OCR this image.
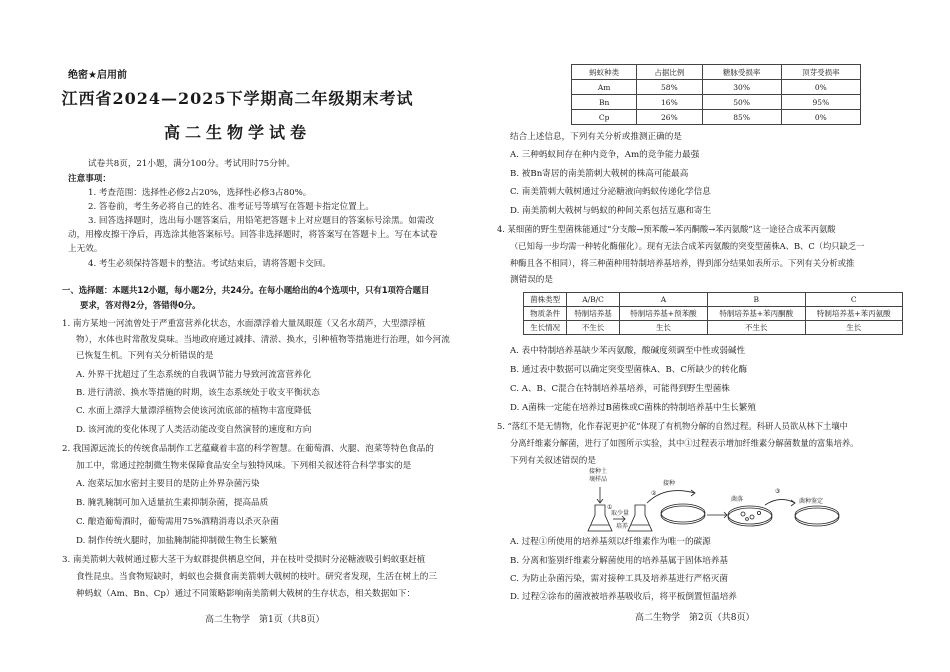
绝密★启用前
江西省2024—2025下学期高二年级期末考试
高二生物学试卷
试卷共8页，21小题，满分100分。考试用时75分钟。
注意事项：
1. 考查范围：选择性必修2占20%，选择性必修3占80%。
2. 答卷前，考生务必将自己的姓名、准考证号等填写在答题卡指定位置上。
3. 回答选择题时，选出每小题答案后，用铅笔把答题卡上对应题目的答案标号涂黑。如需改
动，用橡皮擦干净后，再选涂其他答案标号。回答非选择题时，将答案写在答题卡上。写在本试卷
上无效。
4. 考生必须保持答题卡的整洁。考试结束后，请将答题卡交回。
一、选择题：本题共12小题，每小题2分，共24分。在每小题给出的4个选项中，只有1项符合题目
要求，答对得2分，答错得0分。
1. 南方某地一河流曾处于严重富营养化状态，水面漂浮着大量凤眼莲（又名水葫芦，大型漂浮植
物），水体也时常散发臭味。当地政府通过减排、清淤、换水，引种植物等措施进行治理，如今河流
已恢复生机。下列有关分析错误的是
A. 外界干扰超过了生态系统的自我调节能力导致河流富营养化
B. 进行清淤、换水等措施的时期，该生态系统处于收支平衡状态
C. 水面上漂浮大量漂浮植物会使该河流底部的植物丰富度降低
D. 该河流的变化体现了人类活动能改变自然演替的速度和方向
2. 我国源远流长的传统食品制作工艺蕴藏着丰富的科学智慧。在葡萄酒、火腿、泡菜等特色食品的
加工中，常通过控制微生物来保障食品安全与独特风味。下列相关叙述符合科学事实的是
A. 泡菜坛加水密封主要目的是防止外界杂菌污染
B. 腌乳腌制可加入适量抗生素抑制杂菌，提高品质
C. 酿造葡萄酒时，葡萄需用75%酒精消毒以杀灭杂菌
D. 制作传统火腿时，加盐腌制能抑制微生物生长繁殖
3. 南美箭刺大戟树通过膨大茎干为蚁群提供栖息空间，并在枝叶受损时分泌糖液吸引蚂蚁驱赶植
食性昆虫。当食物短缺时，蚂蚁也会摄食南美箭刺大戟树的枝叶。研究者发现，生活在树上的三
种蚂蚁（Am、Bn、Cp）通过不同策略影响南美箭刺大戟树的生存状态，相关数据如下：
高二生物学　第1页（共8页）
蚂蚁种类	占据比例	糖脉受损率	顶芽受损率
Am	58%	30%	0%
Bn	16%	50%	95%
Cp	26%	85%	0%
结合上述信息，下列有关分析或推测正确的是
A. 三种蚂蚁间存在种内竞争，Am的竞争能力最强
B. 被Bn寄居的南美箭刺大戟树的株高可能最高
C. 南美箭刺大戟树通过分泌糖液向蚂蚁传递化学信息
D. 南美箭刺大戟树与蚂蚁的种间关系包括互惠和寄生
4. 某细菌的野生型菌株能通过“分支酸→预苯酸→苯丙酮酸→苯丙氨酸”这一途径合成苯丙氨酸
（已知每一步均需一种转化酶催化）。现有无法合成苯丙氨酸的突变型菌株A、B、C（均只缺乏一
种酶且各不相同），将三种菌种用特制培养基培养，得到部分结果如表所示。下列有关分析或推
测错误的是
菌株类型	A/B/C	A	B	C
物质条件	特制培养基	特制培养基+预苯酸	特制培养基+苯丙酮酸	特制培养基+苯丙氨酸
生长情况	不生长	生长	不生长	生长
A. 表中特制培养基缺少苯丙氨酸，酸碱度须调至中性或弱碱性
B. 通过表中数据可以确定突变型菌株A、B、C所缺少的转化酶
C. A、B、C混合在特制培养基培养，可能得到野生型菌株
D. A菌株一定能在培养过B菌株或C菌株的特制培养基中生长繁殖
5. “落红不是无情物，化作春泥更护花”体现了有机物分解的自然过程。科研人员欲从林下土壤中
分离纤维素分解菌，进行了如图所示实验，其中①过程表示增加纤维素分解菌数量的富集培养。
下列有关叙述错误的是
接种土
壤样品
①
取少量
培养
②
接种
菌落
③
菌种鉴定
A. 过程①所使用的培养基须以纤维素作为唯一的碳源
B. 分离和鉴别纤维素分解菌使用的培养基属于固体培养基
C. 为防止杂菌污染，需对接种工具及培养基进行严格灭菌
D. 过程②涂布的菌液被培养基吸收后，将平板倒置恒温培养
高二生物学　第2页（共8页）
